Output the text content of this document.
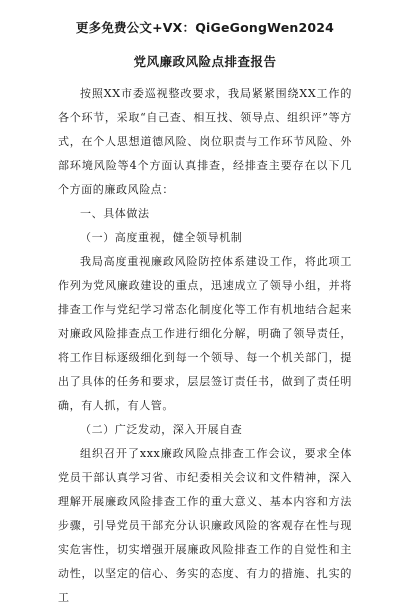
更多免费公文+VX：QiGeGongWen2024
党风廉政风险点排查报告

按照XX市委巡视整改要求，我局紧紧围绕XX工作的各个环节，采取“自己查、相互找、领导点、组织评”等方式，在个人思想道德风险、岗位职责与工作环节风险、外部环境风险等4个方面认真排查，经排查主要存在以下几个方面的廉政风险点：

一、具体做法

（一）高度重视，健全领导机制

我局高度重视廉政风险防控体系建设工作，将此项工作列为党风廉政建设的重点，迅速成立了领导小组，并将排查工作与党纪学习常态化制度化等工作有机地结合起来对廉政风险排查点工作进行细化分解，明确了领导责任，将工作目标逐级细化到每一个领导、每一个机关部门，提出了具体的任务和要求，层层签订责任书，做到了责任明确，有人抓，有人管。

（二）广泛发动，深入开展自查

组织召开了xxx廉政风险点排查工作会议，要求全体党员干部认真学习省、市纪委相关会议和文件精神，深入理解开展廉政风险排查工作的重大意义、基本内容和方法步骤，引导党员干部充分认识廉政风险的客观存在性与现实危害性，切实增强开展廉政风险排查工作的自觉性和主动性，以坚定的信心、务实的态度、有力的措施、扎实的工
